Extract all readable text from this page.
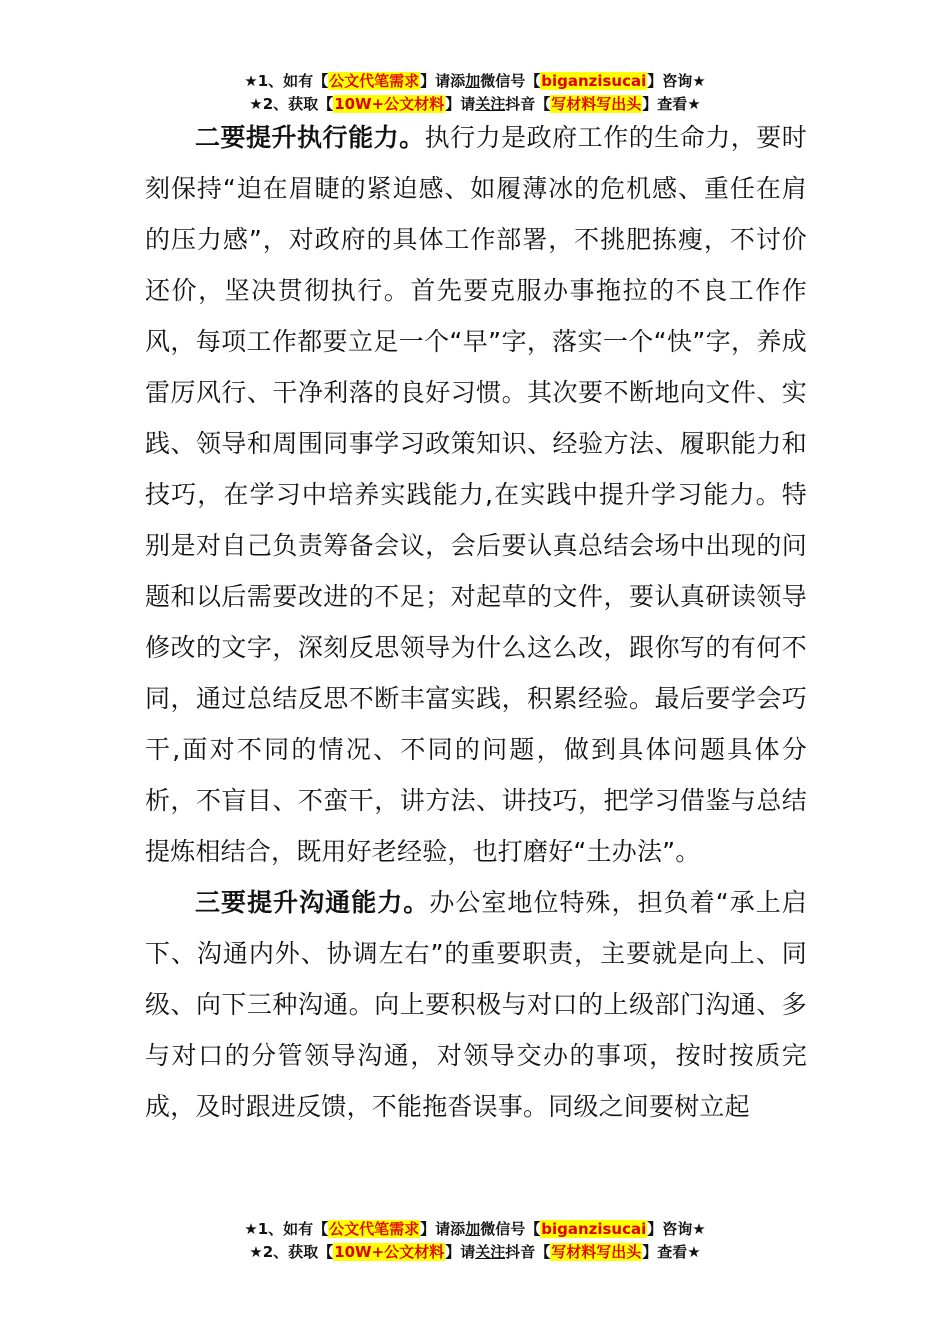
★1、如有【公文代笔需求】请添加微信号【biganzisucai】咨询★
★2、获取【10W+公文材料】请关注抖音【写材料写出头】查看★

二要提升执行能力。执行力是政府工作的生命力，要时刻保持“迫在眉睫的紧迫感、如履薄冰的危机感、重任在肩的压力感”，对政府的具体工作部署，不挑肥拣瘦，不讨价还价，坚决贯彻执行。首先要克服办事拖拉的不良工作作风，每项工作都要立足一个“早”字，落实一个“快”字，养成雷厉风行、干净利落的良好习惯。其次要不断地向文件、实践、领导和周围同事学习政策知识、经验方法、履职能力和技巧，在学习中培养实践能力,在实践中提升学习能力。特别是对自己负责筹备会议，会后要认真总结会场中出现的问题和以后需要改进的不足；对起草的文件，要认真研读领导修改的文字，深刻反思领导为什么这么改，跟你写的有何不同，通过总结反思不断丰富实践，积累经验。最后要学会巧干,面对不同的情况、不同的问题，做到具体问题具体分析，不盲目、不蛮干，讲方法、讲技巧，把学习借鉴与总结提炼相结合，既用好老经验，也打磨好“土办法”。

三要提升沟通能力。办公室地位特殊，担负着“承上启下、沟通内外、协调左右”的重要职责，主要就是向上、同级、向下三种沟通。向上要积极与对口的上级部门沟通、多与对口的分管领导沟通，对领导交办的事项，按时按质完成，及时跟进反馈，不能拖沓误事。同级之间要树立起

★1、如有【公文代笔需求】请添加微信号【biganzisucai】咨询★
★2、获取【10W+公文材料】请关注抖音【写材料写出头】查看★
